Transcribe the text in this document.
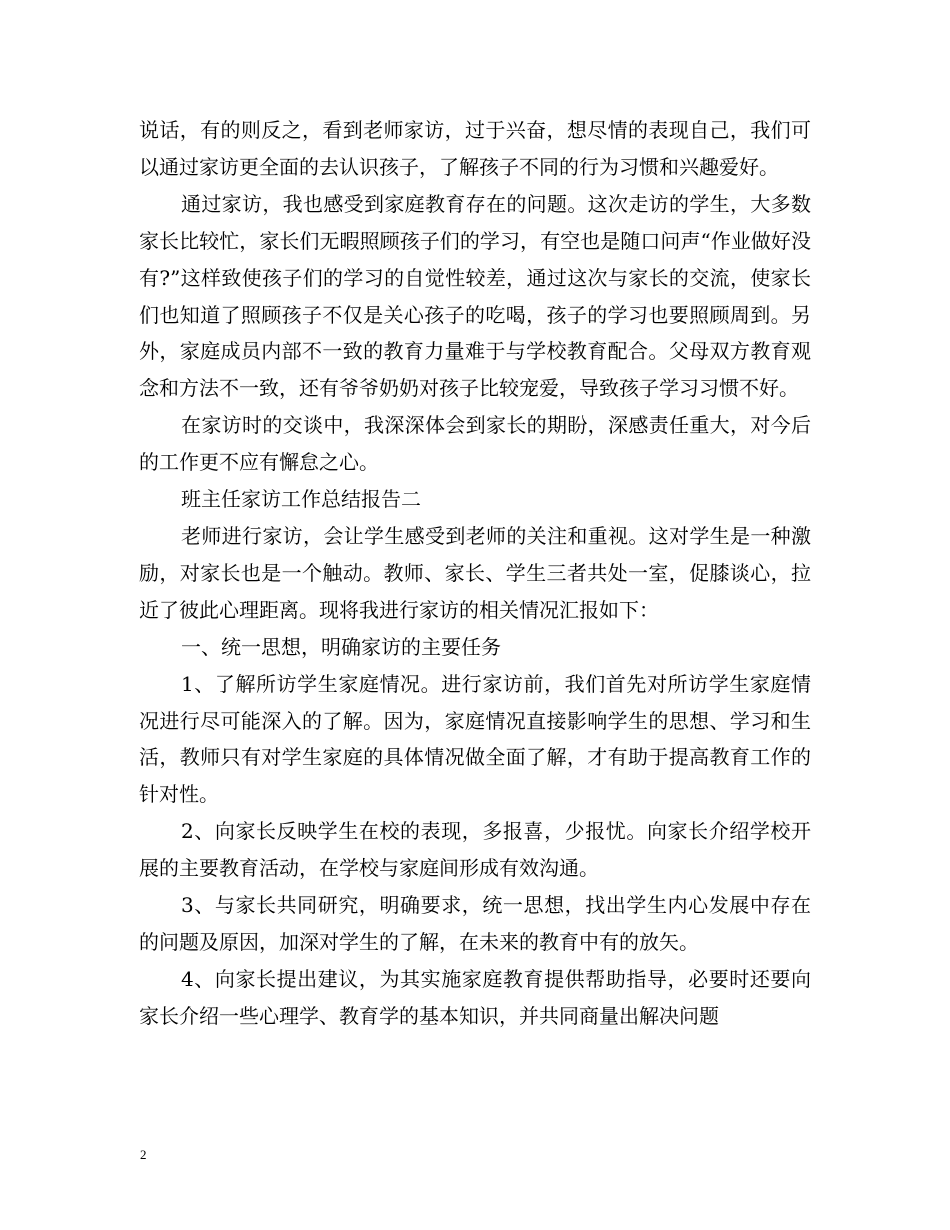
说话，有的则反之，看到老师家访，过于兴奋，想尽情的表现自己，我们可以通过家访更全面的去认识孩子，了解孩子不同的行为习惯和兴趣爱好。

通过家访，我也感受到家庭教育存在的问题。这次走访的学生，大多数家长比较忙，家长们无暇照顾孩子们的学习，有空也是随口问声“作业做好没有?”这样致使孩子们的学习的自觉性较差，通过这次与家长的交流，使家长们也知道了照顾孩子不仅是关心孩子的吃喝，孩子的学习也要照顾周到。另外，家庭成员内部不一致的教育力量难于与学校教育配合。父母双方教育观念和方法不一致，还有爷爷奶奶对孩子比较宠爱，导致孩子学习习惯不好。

在家访时的交谈中，我深深体会到家长的期盼，深感责任重大，对今后的工作更不应有懈怠之心。

班主任家访工作总结报告二

老师进行家访，会让学生感受到老师的关注和重视。这对学生是一种激励，对家长也是一个触动。教师、家长、学生三者共处一室，促膝谈心，拉近了彼此心理距离。现将我进行家访的相关情况汇报如下：

一、统一思想，明确家访的主要任务

1、了解所访学生家庭情况。进行家访前，我们首先对所访学生家庭情况进行尽可能深入的了解。因为，家庭情况直接影响学生的思想、学习和生活，教师只有对学生家庭的具体情况做全面了解，才有助于提高教育工作的针对性。

2、向家长反映学生在校的表现，多报喜，少报忧。向家长介绍学校开展的主要教育活动，在学校与家庭间形成有效沟通。

3、与家长共同研究，明确要求，统一思想，找出学生内心发展中存在的问题及原因，加深对学生的了解，在未来的教育中有的放矢。

4、向家长提出建议，为其实施家庭教育提供帮助指导，必要时还要向家长介绍一些心理学、教育学的基本知识，并共同商量出解决问题

2
